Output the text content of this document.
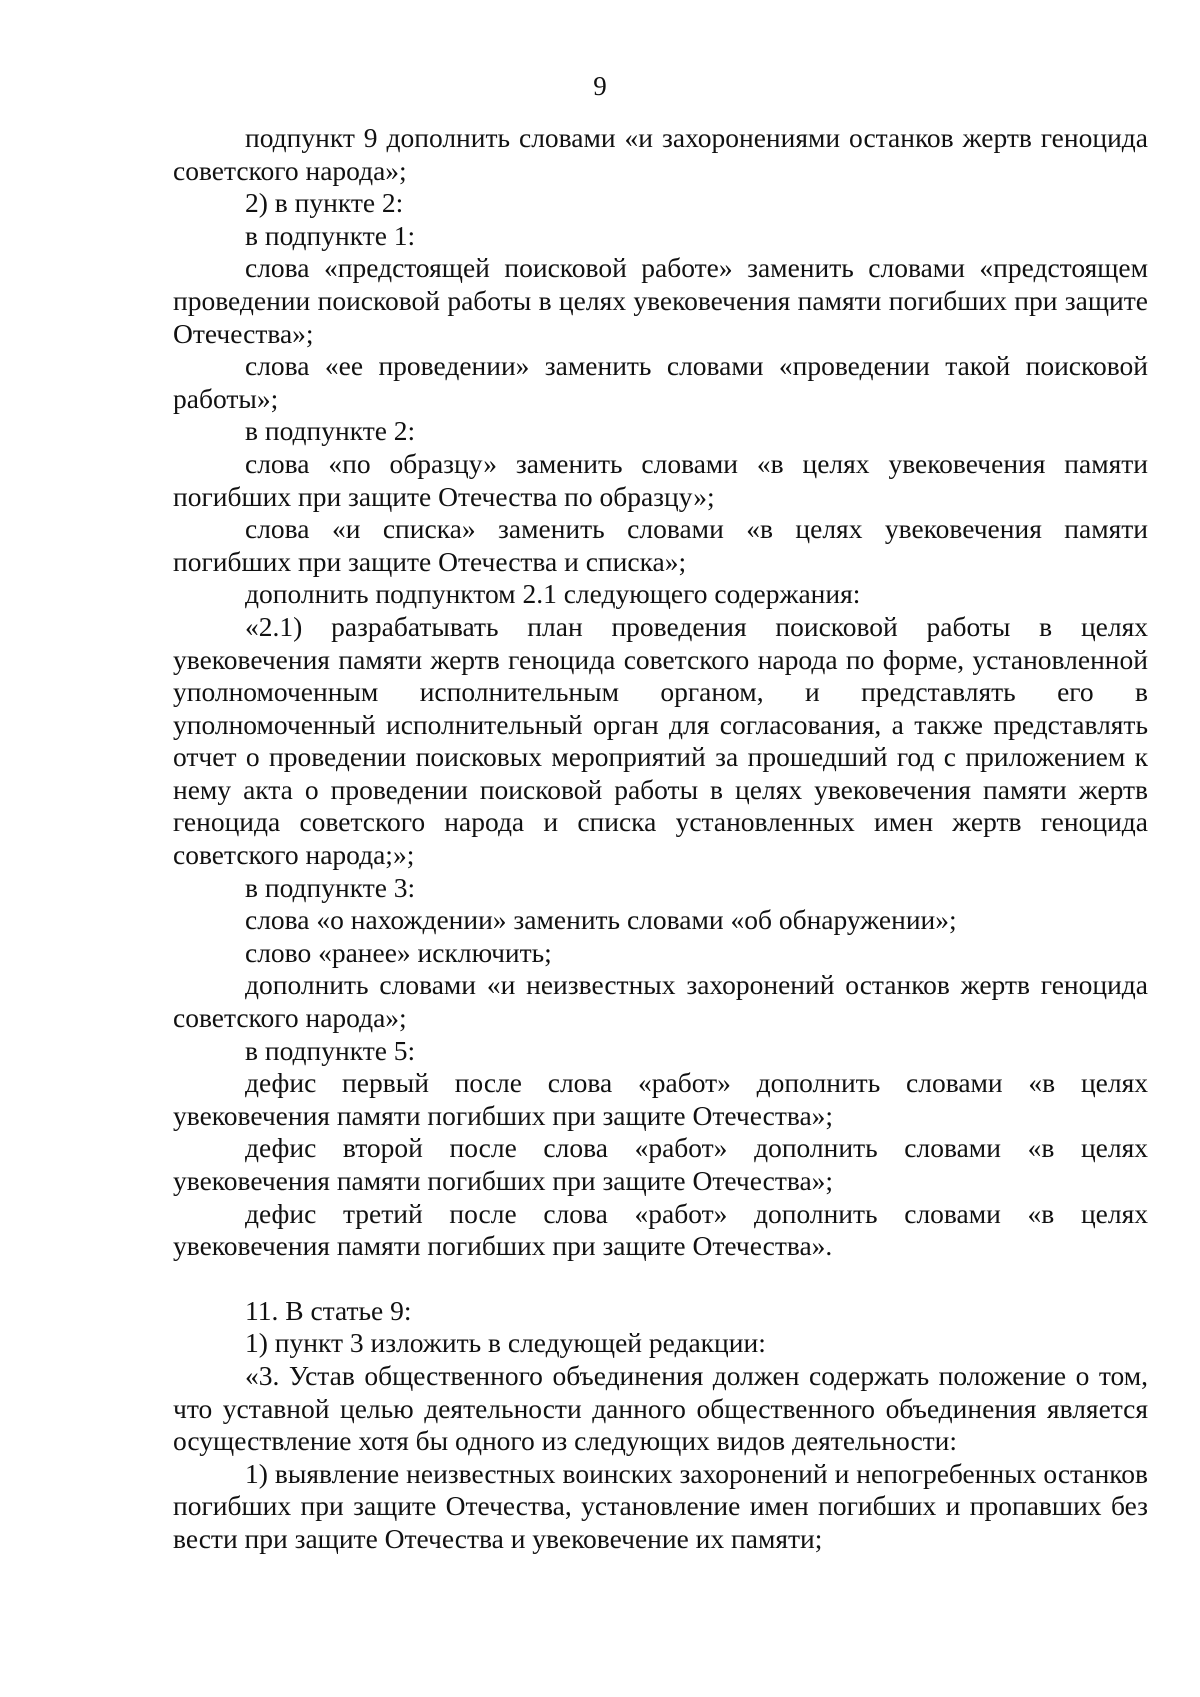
9

подпункт 9 дополнить словами «и захоронениями останков жертв геноцида советского народа»;

2) в пункте 2:

в подпункте 1:

слова «предстоящей поисковой работе» заменить словами «предстоящем проведении поисковой работы в целях увековечения памяти погибших при защите Отечества»;

слова «ее проведении» заменить словами «проведении такой поисковой работы»;

в подпункте 2:

слова «по образцу» заменить словами «в целях увековечения памяти погибших при защите Отечества по образцу»;

слова «и списка» заменить словами «в целях увековечения памяти погибших при защите Отечества и списка»;

дополнить подпунктом 2.1 следующего содержания:

«2.1) разрабатывать план проведения поисковой работы в целях увековечения памяти жертв геноцида советского народа по форме, установленной уполномоченным исполнительным органом, и представлять его в уполномоченный исполнительный орган для согласования, а также представлять отчет о проведении поисковых мероприятий за прошедший год с приложением к нему акта о проведении поисковой работы в целях увековечения памяти жертв геноцида советского народа и списка установленных имен жертв геноцида советского народа;»;

в подпункте 3:

слова «о нахождении» заменить словами «об обнаружении»;

слово «ранее» исключить;

дополнить словами «и неизвестных захоронений останков жертв геноцида советского народа»;

в подпункте 5:

дефис первый после слова «работ» дополнить словами «в целях увековечения памяти погибших при защите Отечества»;

дефис второй после слова «работ» дополнить словами «в целях увековечения памяти погибших при защите Отечества»;

дефис третий после слова «работ» дополнить словами «в целях увековечения памяти погибших при защите Отечества».

11. В статье 9:

1) пункт 3 изложить в следующей редакции:

«3. Устав общественного объединения должен содержать положение о том, что уставной целью деятельности данного общественного объединения является осуществление хотя бы одного из следующих видов деятельности:

1) выявление неизвестных воинских захоронений и непогребенных останков погибших при защите Отечества, установление имен погибших и пропавших без вести при защите Отечества и увековечение их памяти;
